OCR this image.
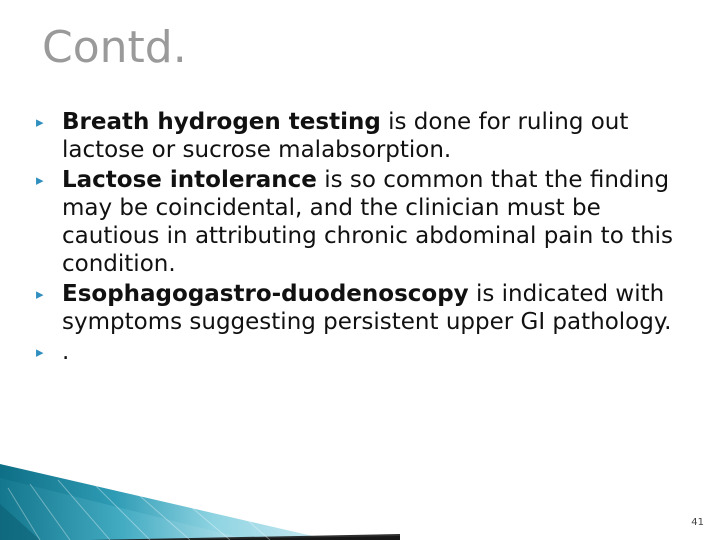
Contd.
▸ Breath hydrogen testing is done for ruling out lactose or sucrose malabsorption.
▸ Lactose intolerance is so common that the finding may be coincidental, and the clinician must be cautious in attributing chronic abdominal pain to this condition.
▸ Esophagogastro-duodenoscopy is indicated with symptoms suggesting persistent upper GI pathology.
▸ .
41
